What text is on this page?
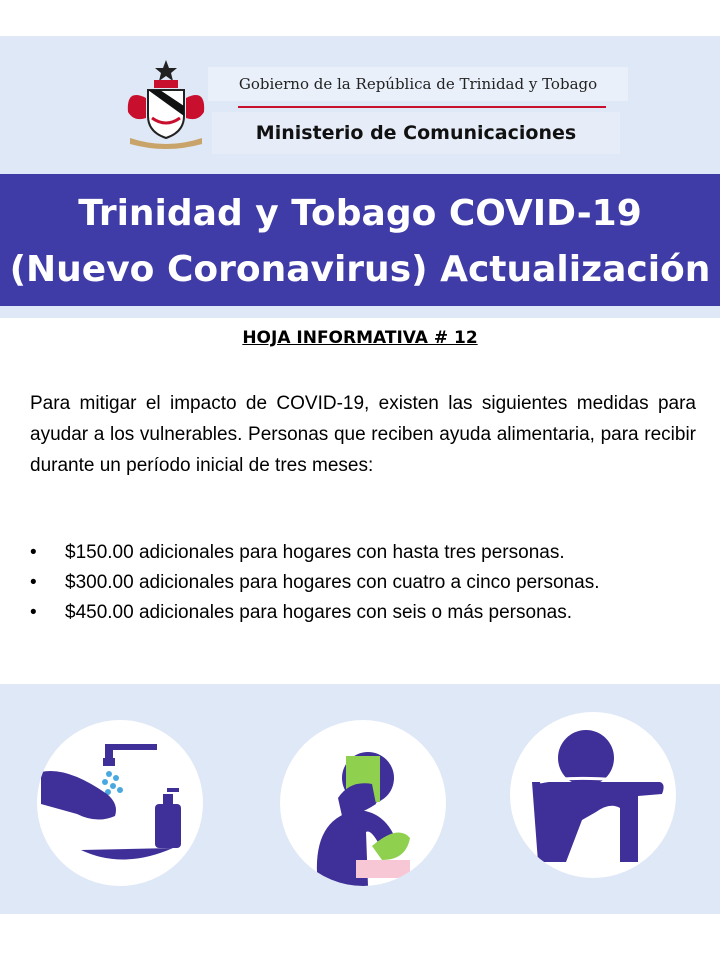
Gobierno de la República de Trinidad y Tobago
Ministerio de Comunicaciones
Trinidad y Tobago COVID-19
(Nuevo Coronavirus) Actualización
HOJA INFORMATIVA # 12
Para mitigar el impacto de COVID-19, existen las siguientes medidas para ayudar a los vulnerables. Personas que reciben ayuda alimentaria, para recibir durante un período inicial de tres meses:
• $150.00 adicionales para hogares con hasta tres personas.
• $300.00 adicionales para hogares con cuatro a cinco personas.
• $450.00 adicionales para hogares con seis o más personas.
